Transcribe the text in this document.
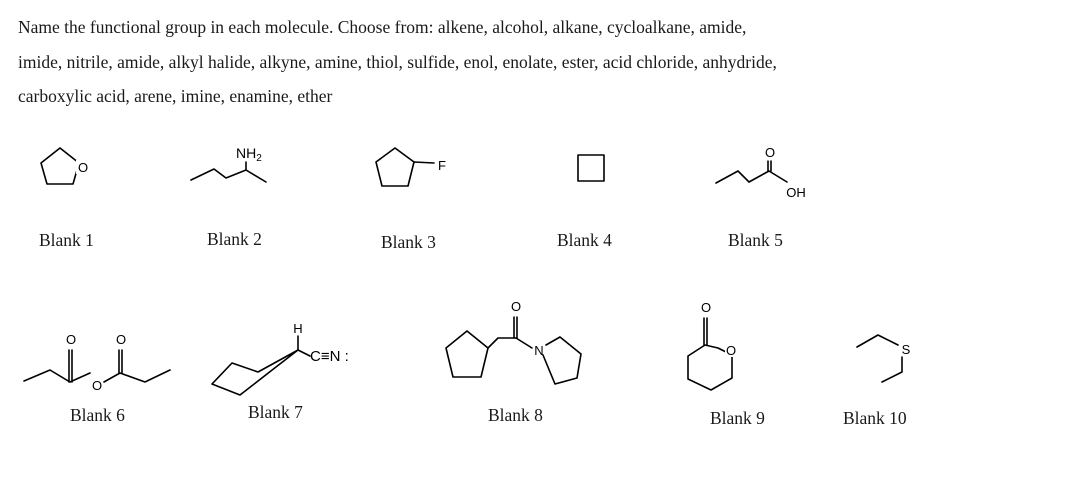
Name the functional group in each molecule. Choose from: alkene, alcohol, alkane, cycloalkane, amide,
imide, nitrile, amide, alkyl halide, alkyne, amine, thiol, sulfide, enol, enolate, ester, acid chloride, anhydride,
carboxylic acid, arene, imine, enamine, ether
O
$NH_2$	F
O
OH
O
O
O
H
C≡N :
O
N
O
O	S
Blank 1	Blank 2	Blank 3	Blank 4	Blank 5
Blank 6	Blank 7	Blank 8	Blank 9	Blank 10
